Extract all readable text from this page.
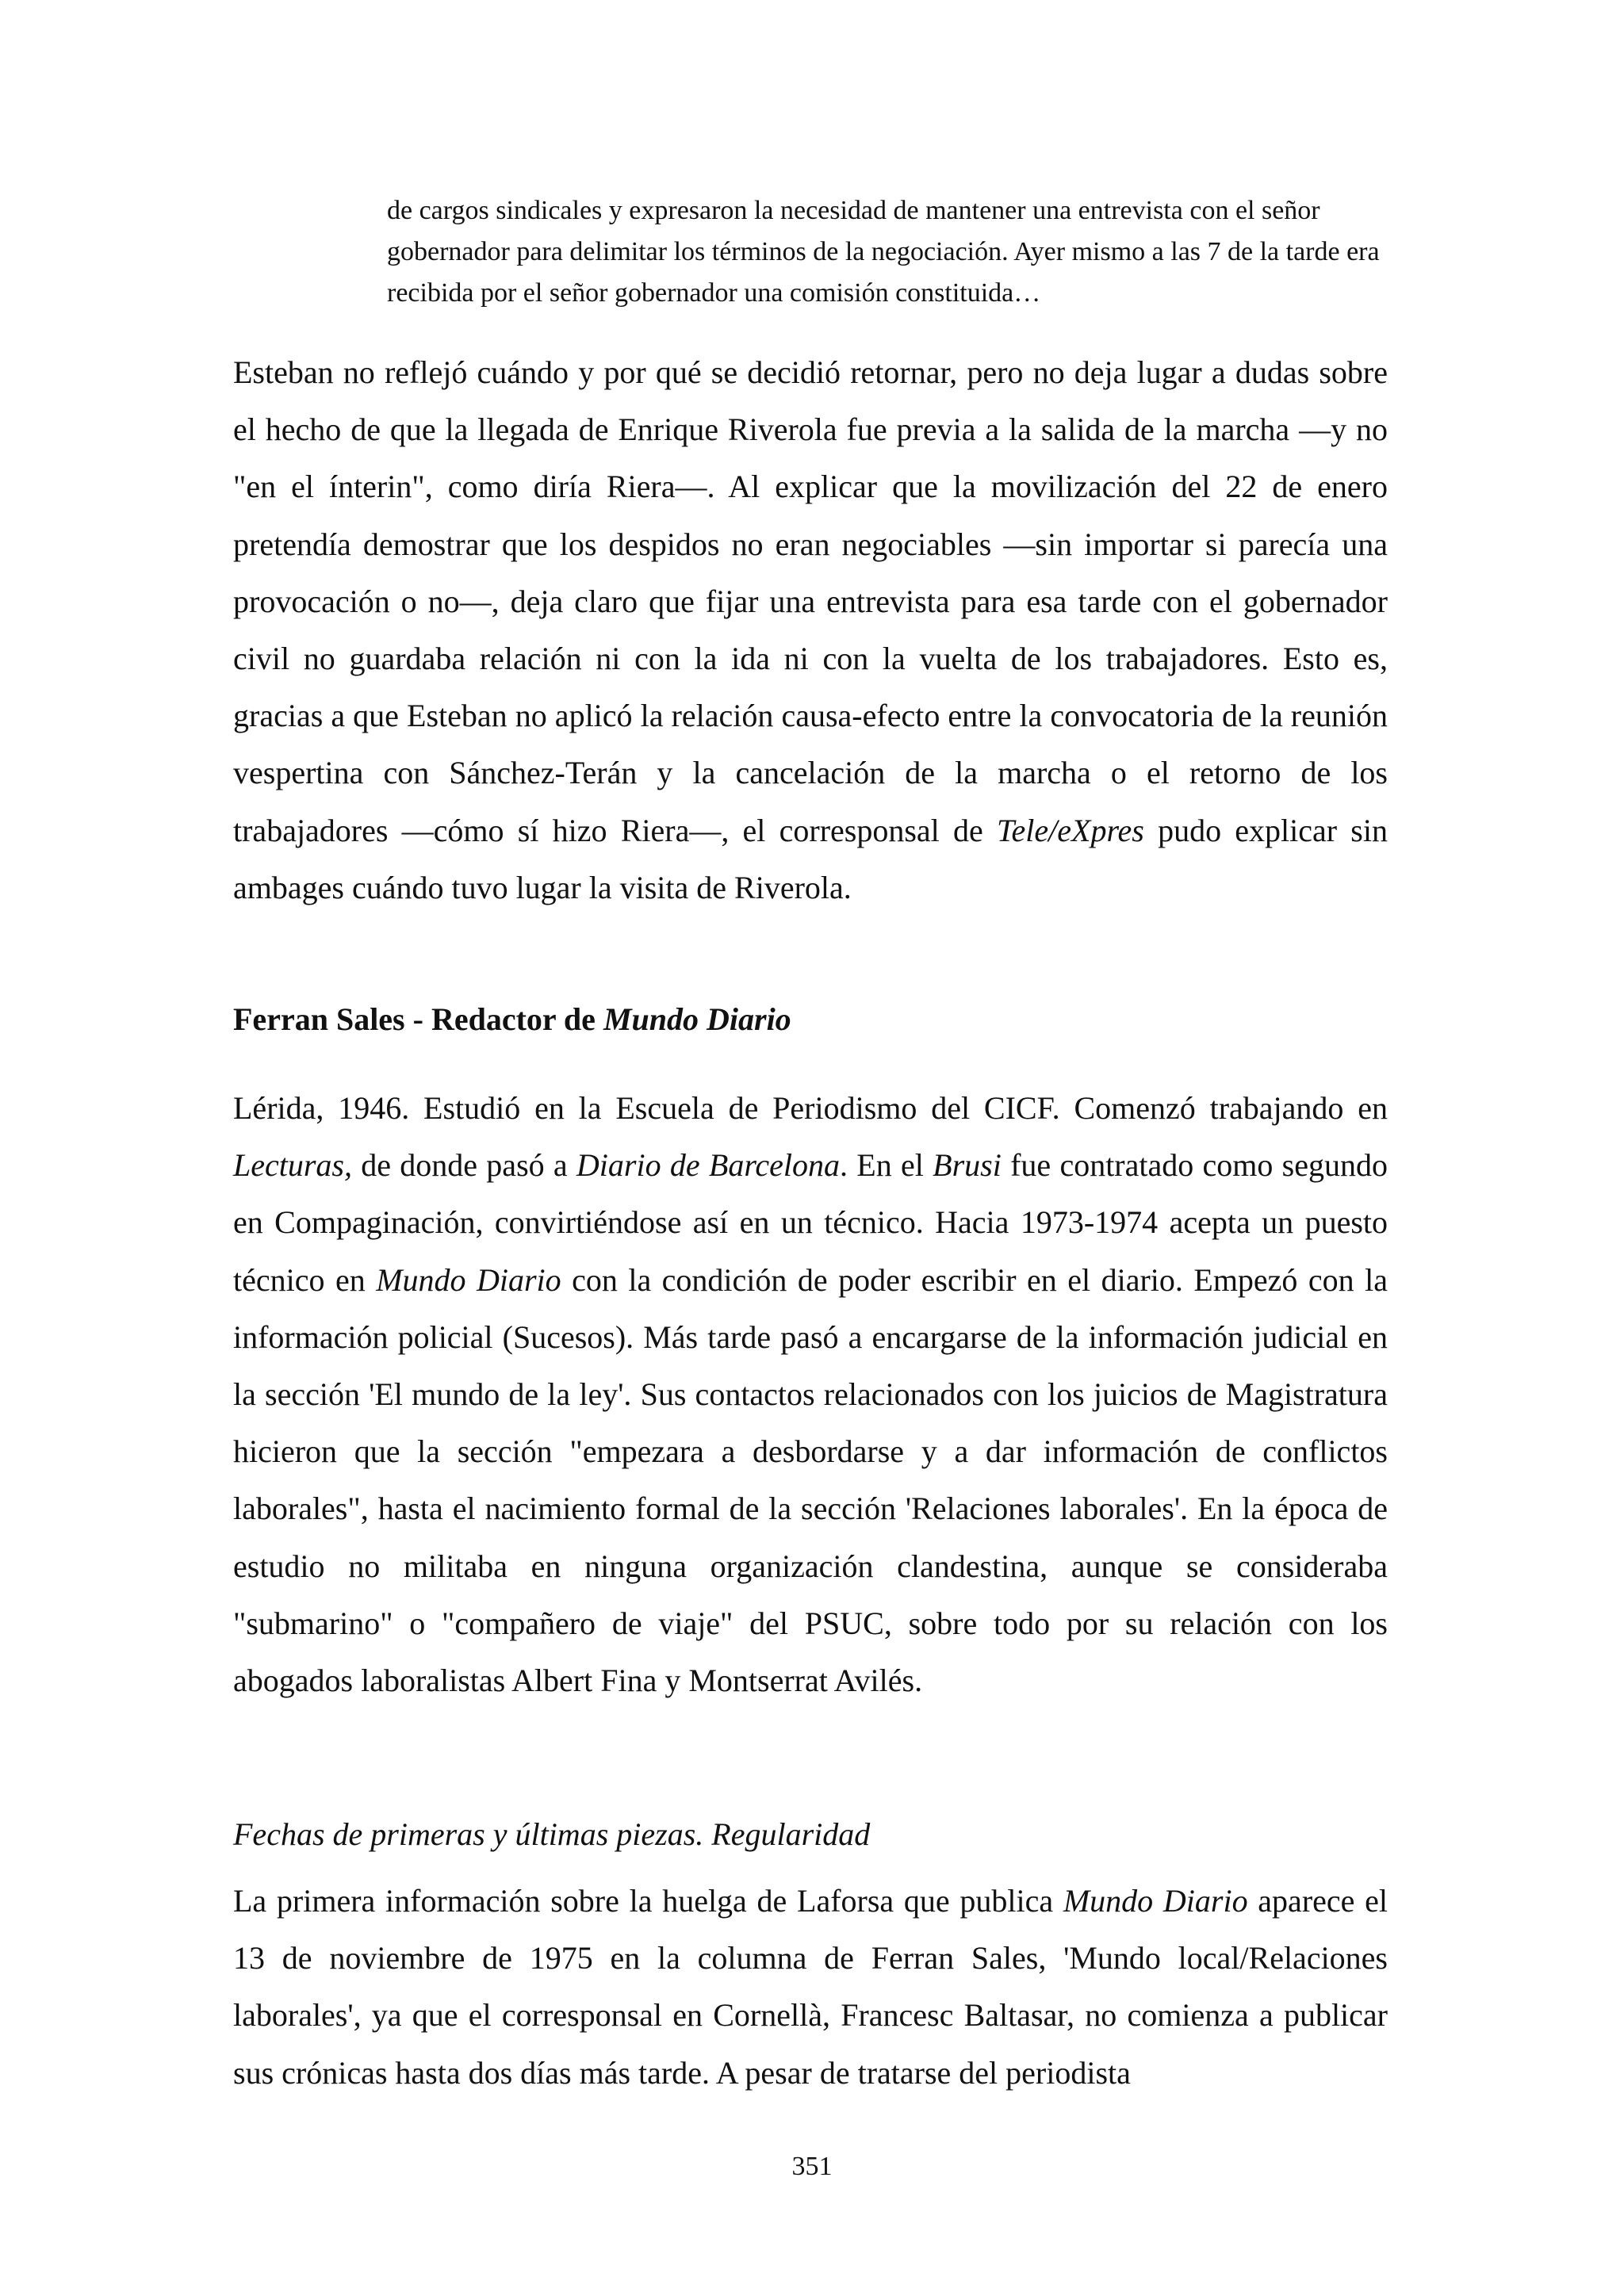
de cargos sindicales y expresaron la necesidad de mantener una entrevista con el señor gobernador para delimitar los términos de la negociación. Ayer mismo a las 7 de la tarde era recibida por el señor gobernador una comisión constituida…

Esteban no reflejó cuándo y por qué se decidió retornar, pero no deja lugar a dudas sobre el hecho de que la llegada de Enrique Riverola fue previa a la salida de la marcha —y no "en el ínterin", como diría Riera—. Al explicar que la movilización del 22 de enero pretendía demostrar que los despidos no eran negociables —sin importar si parecía una provocación o no—, deja claro que fijar una entrevista para esa tarde con el gobernador civil no guardaba relación ni con la ida ni con la vuelta de los trabajadores. Esto es, gracias a que Esteban no aplicó la relación causa-efecto entre la convocatoria de la reunión vespertina con Sánchez-Terán y la cancelación de la marcha o el retorno de los trabajadores —cómo sí hizo Riera—, el corresponsal de Tele/eXpres pudo explicar sin ambages cuándo tuvo lugar la visita de Riverola.

Ferran Sales - Redactor de Mundo Diario

Lérida, 1946. Estudió en la Escuela de Periodismo del CICF. Comenzó trabajando en Lecturas, de donde pasó a Diario de Barcelona. En el Brusi fue contratado como segundo en Compaginación, convirtiéndose así en un técnico. Hacia 1973-1974 acepta un puesto técnico en Mundo Diario con la condición de poder escribir en el diario. Empezó con la información policial (Sucesos). Más tarde pasó a encargarse de la información judicial en la sección 'El mundo de la ley'. Sus contactos relacionados con los juicios de Magistratura hicieron que la sección "empezara a desbordarse y a dar información de conflictos laborales", hasta el nacimiento formal de la sección 'Relaciones laborales'. En la época de estudio no militaba en ninguna organización clandestina, aunque se consideraba "submarino" o "compañero de viaje" del PSUC, sobre todo por su relación con los abogados laboralistas Albert Fina y Montserrat Avilés.

Fechas de primeras y últimas piezas. Regularidad

La primera información sobre la huelga de Laforsa que publica Mundo Diario aparece el 13 de noviembre de 1975 en la columna de Ferran Sales, 'Mundo local/Relaciones laborales', ya que el corresponsal en Cornellà, Francesc Baltasar, no comienza a publicar sus crónicas hasta dos días más tarde. A pesar de tratarse del periodista

351
